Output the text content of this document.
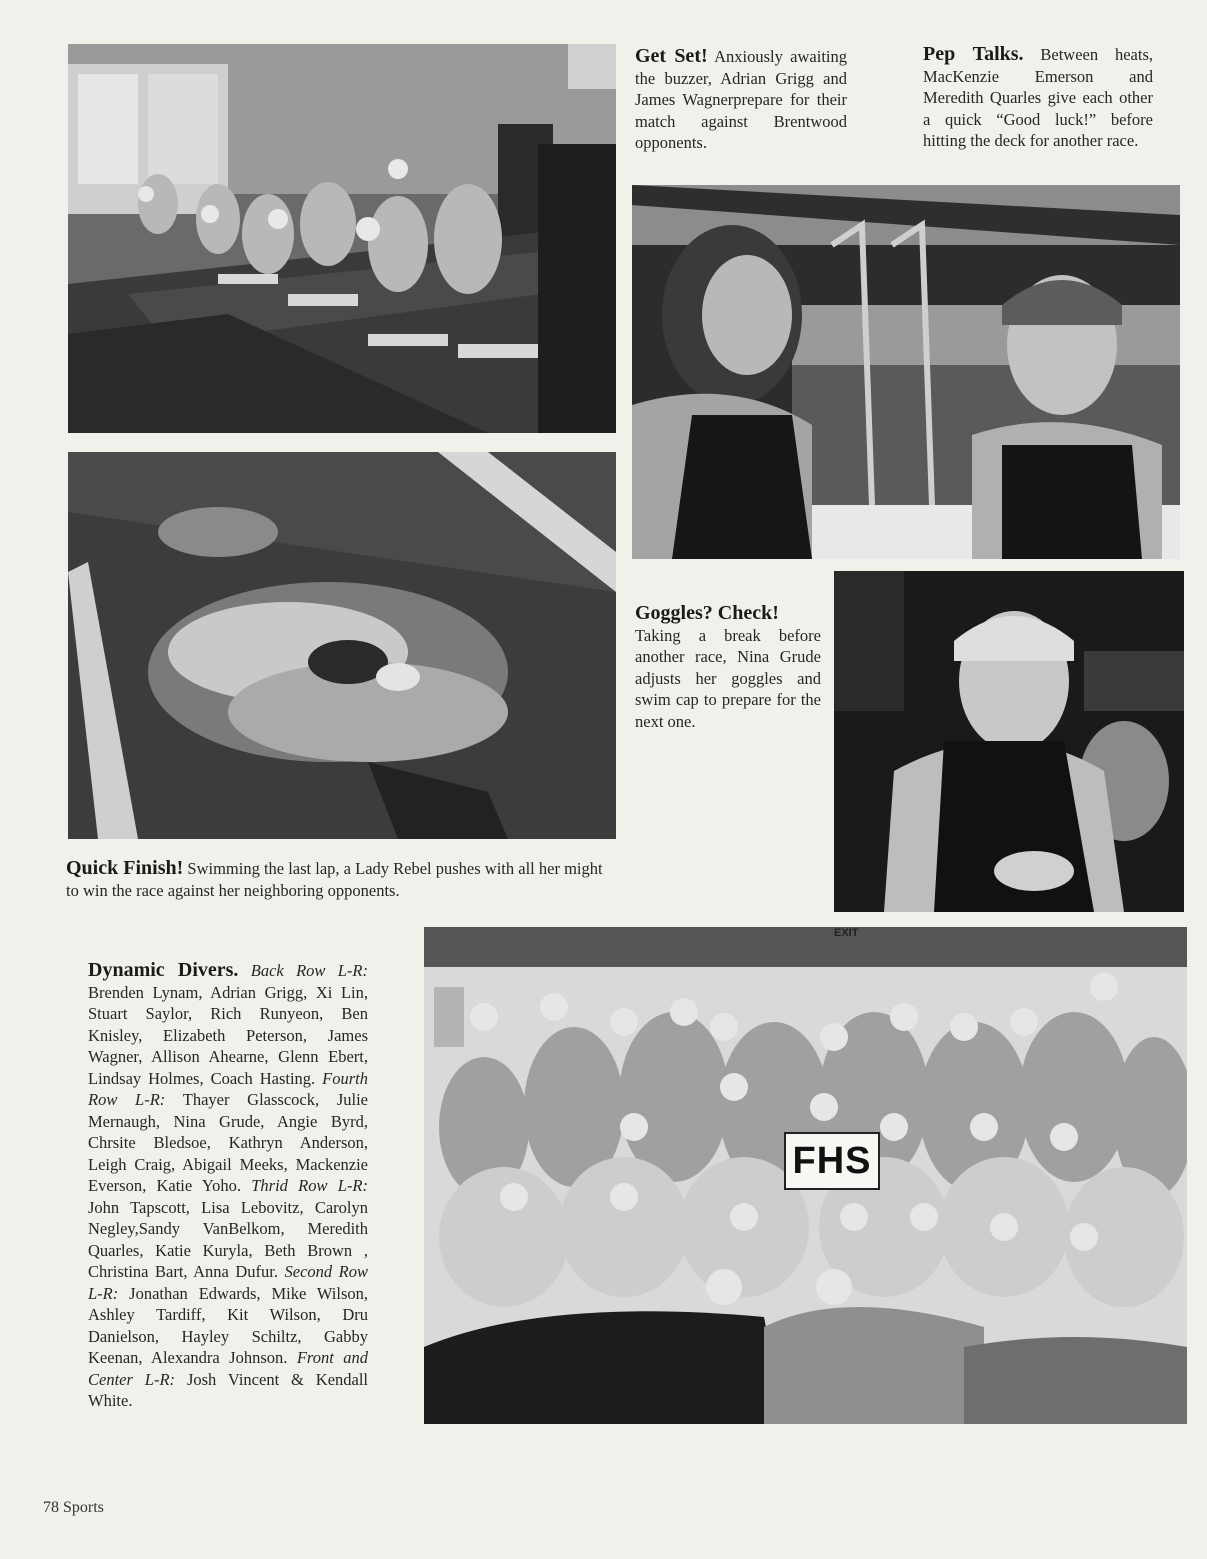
EXIT
FHS
Get Set! Anxiously awaiting the buzzer, Adrian Grigg and James Wagnerprepare for their match against Brentwood opponents.
Pep Talks. Between heats, MacKenzie Emerson and Meredith Quarles give each other a quick “Good luck!” before hitting the deck for another race.
Goggles? Check!
Taking a break before another race, Nina Grude adjusts her goggles and swim cap to prepare for the next one.
Quick Finish! Swimming the last lap, a Lady Rebel pushes with all her might to win the race against her neighboring opponents.
Dynamic Divers. Back Row L-R: Brenden Lynam, Adrian Grigg, Xi Lin, Stuart Saylor, Rich Runyeon, Ben Knisley, Elizabeth Peterson, James Wagner, Allison Ahearne, Glenn Ebert, Lindsay Holmes, Coach Hasting. Fourth Row L-R: Thayer Glasscock, Julie Mernaugh, Nina Grude, Angie Byrd, Chrsite Bledsoe, Kathryn Anderson, Leigh Craig, Abigail Meeks, Mackenzie Everson, Katie Yoho. Thrid Row L-R: John Tapscott, Lisa Lebovitz, Carolyn Negley,Sandy VanBelkom, Meredith Quarles, Katie Kuryla, Beth Brown , Christina Bart, Anna Dufur. Second Row L-R: Jonathan Edwards, Mike Wilson, Ashley Tardiff, Kit Wilson, Dru Danielson, Hayley Schiltz, Gabby Keenan, Alexandra Johnson. Front and Center L-R: Josh Vincent & Kendall White.
78 Sports
